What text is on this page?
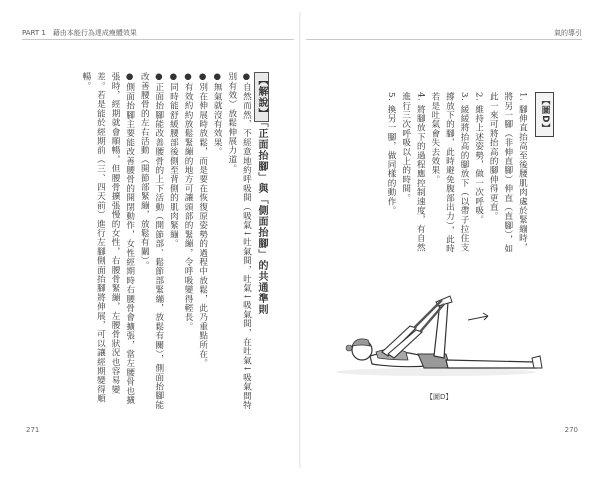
PART 1　藉由本能行為達成瘦體效果	氣的導引

【圖D】

1. 腳伸直抬高至後腰肌肉處於緊繃時，將另一腳（非伸直腳）伸直（直腳），如此一來可將抬高的腳伸得更直。

2. 維持上述姿勢，做一次呼吸。

3. 緩緩將抬高的腳放下（以帶子拉住支撐放下的腳，此時避免腹部出力），此時若是吐氣會失去效果。

4. 將腳放下的過程應控制速度，有自然進行三次呼吸以上的時間。

5. 換另一腳，做同樣的動作。

【圖D】

【解說】「正面抬腳」與「側面抬腳」的共通準則

●自然而然，不經意地約呼吸間（吸氣↓吐氣間，吐氣↓吸氣間，在吐氣↓吸氣間特別有效）放鬆伸展力道。

●無氣就沒有效果。

●別在伸展時放鬆，而是要在恢復原姿勢的過程中放鬆，此乃重點所在。

●有效約約放鬆緊繃的地方可讓頭部的緊繃，令呼吸變得輕長。

●同時能舒緩腰部後側至背側的肌肉緊繃。

●正面抬腳能改善腰骨的上下活動（開節部、鬆節部緊繃，放鬆有關），側面抬腳能改善腰骨的左右活動（開節部緊繃，放鬆有關）。

●側面抬腳主要能改善腰骨的開閉動作，女性經期時右腰骨會擴張，當左腰骨也擴張時，經期就會順暢，但腰骨擴張慢的女性，右腰骨緊繃，左腰骨狀況也容易變差。若是能於經期前（三、四天前）進行左腳側面抬腳將伸展，可以讓經期變得順暢。

271	270
